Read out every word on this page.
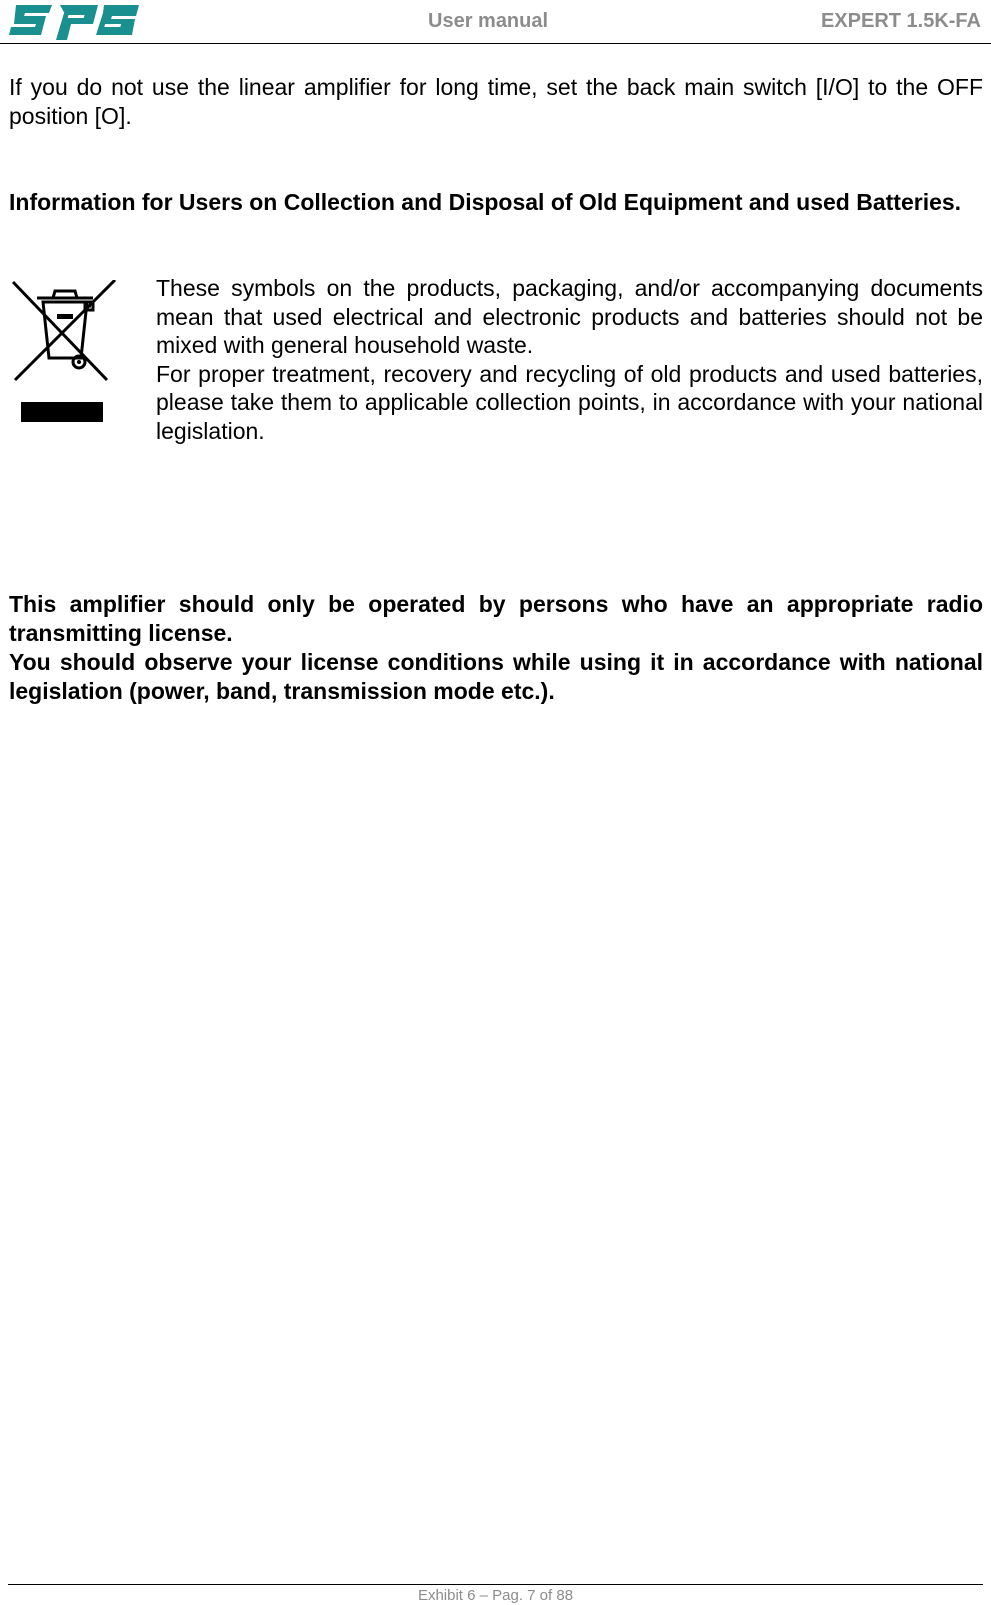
User manual	EXPERT 1.5K-FA
If you do not use the linear amplifier for long time, set the back main switch [I/O] to the OFF position [O].
Information for Users on Collection and Disposal of Old Equipment and used Batteries.

These symbols on the products, packaging, and/or accompanying documents mean that used electrical and electronic products and batteries should not be mixed with general household waste.

For proper treatment, recovery and recycling of old products and used batteries, please take them to applicable collection points, in accordance with your national legislation.

This amplifier should only be operated by persons who have an appropriate radio transmitting license.

You should observe your license conditions while using it in accordance with national legislation (power, band, transmission mode etc.).

Exhibit 6 – Pag. 7 of 88
